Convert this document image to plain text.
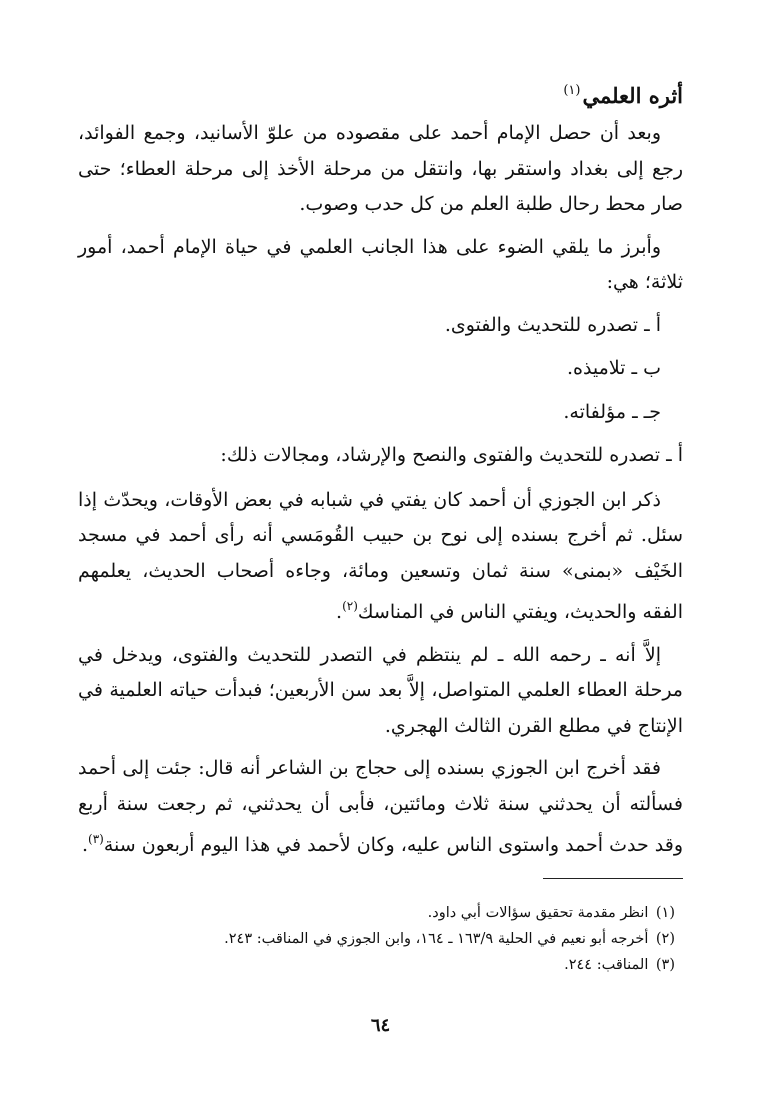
أثره العلمي$^{(١)}$

وبعد أن حصل الإمام أحمد على مقصوده من علوّ الأسانيد، وجمع الفوائد، رجع إلى بغداد واستقر بها، وانتقل من مرحلة الأخذ إلى مرحلة العطاء؛ حتى صار محط رحال طلبة العلم من كل حدب وصوب.

وأبرز ما يلقي الضوء على هذا الجانب العلمي في حياة الإمام أحمد، أمور ثلاثة؛ هي:

أ ـ تصدره للتحديث والفتوى.

ب ـ تلاميذه.

جـ ـ مؤلفاته.

أ ـ تصدره للتحديث والفتوى والنصح والإرشاد، ومجالات ذلك:

ذكر ابن الجوزي أن أحمد كان يفتي في شبابه في بعض الأوقات، ويحدّث إذا سئل. ثم أخرج بسنده إلى نوح بن حبيب القُومَسي أنه رأى أحمد في مسجد الخَيْف «بمنى» سنة ثمان وتسعين ومائة، وجاءه أصحاب الحديث، يعلمهم الفقه والحديث، ويفتي الناس في المناسك$^{(٢)}$.

إلاَّ أنه ـ رحمه الله ـ لم ينتظم في التصدر للتحديث والفتوى، ويدخل في مرحلة العطاء العلمي المتواصل، إلاَّ بعد سن الأربعين؛ فبدأت حياته العلمية في الإنتاج في مطلع القرن الثالث الهجري.

فقد أخرج ابن الجوزي بسنده إلى حجاج بن الشاعر أنه قال: جئت إلى أحمد فسألته أن يحدثني سنة ثلاث ومائتين، فأبى أن يحدثني، ثم رجعت سنة أربع وقد حدث أحمد واستوى الناس عليه، وكان لأحمد في هذا اليوم أربعون سنة$^{(٣)}$.

(١) انظر مقدمة تحقيق سؤالات أبي داود.

(٢) أخرجه أبو نعيم في الحلية ١٦٣/٩ ـ ١٦٤، وابن الجوزي في المناقب: ٢٤٣.

(٣) المناقب: ٢٤٤.

٦٤
